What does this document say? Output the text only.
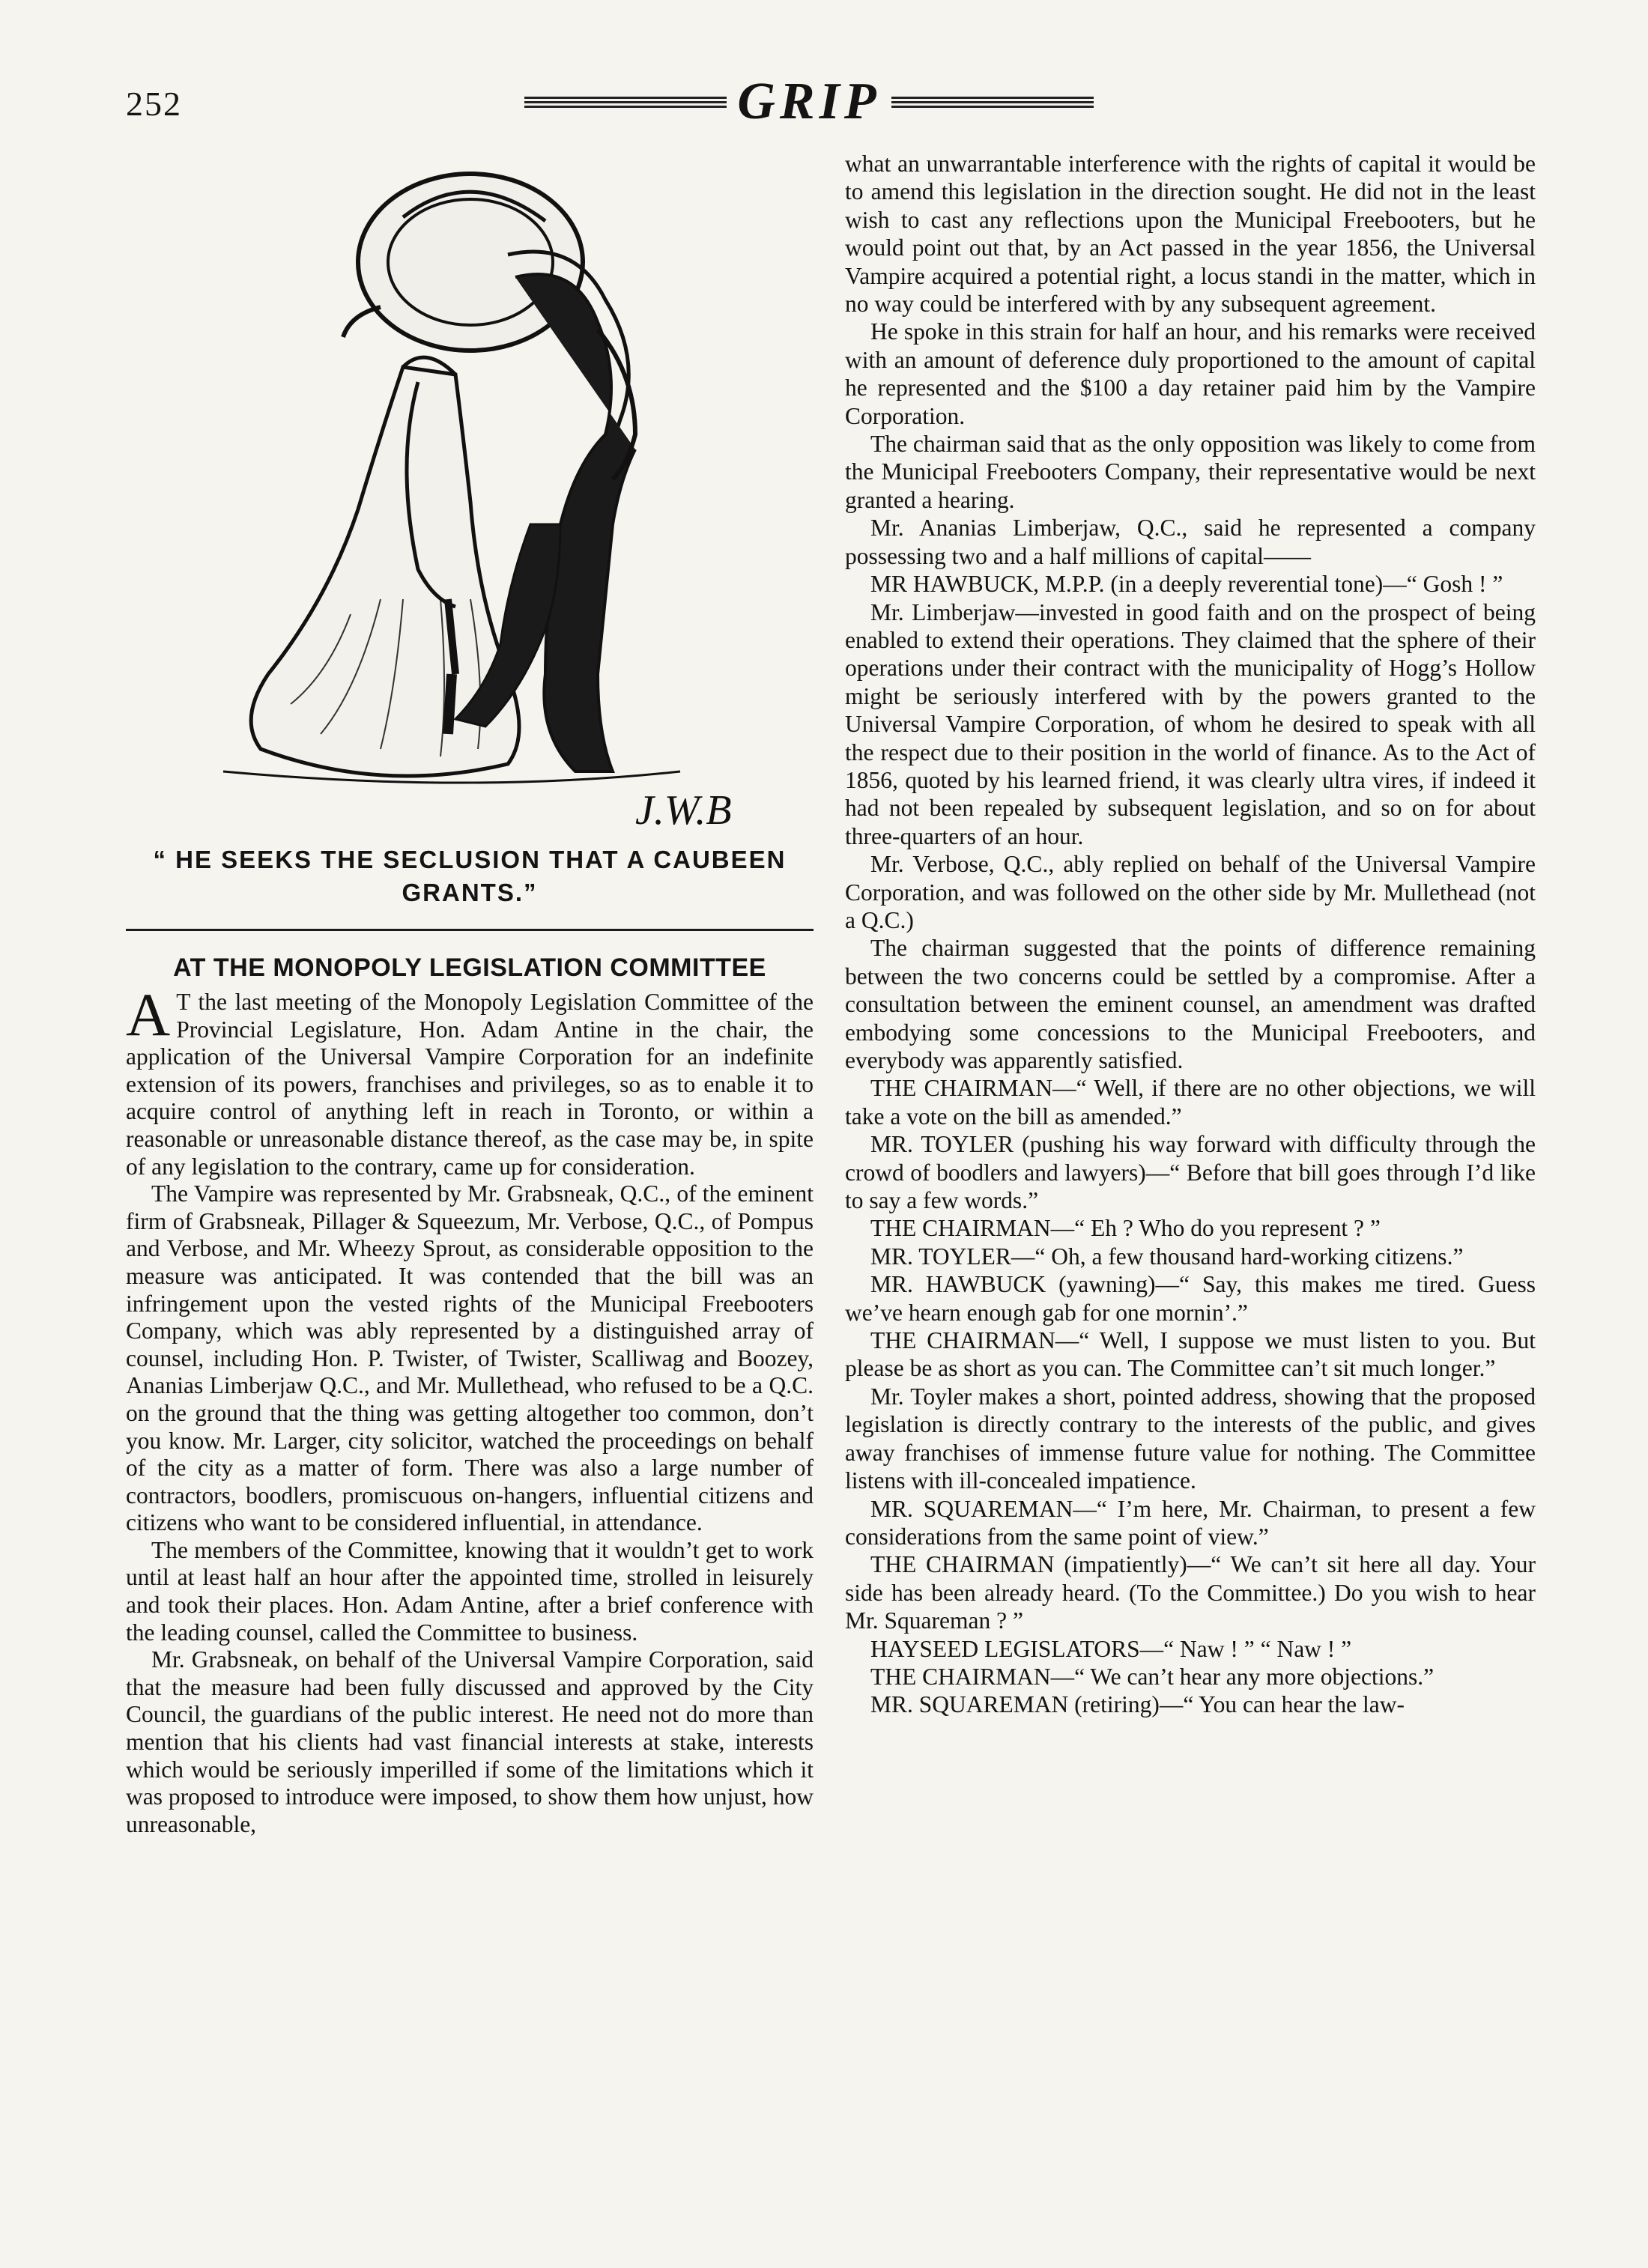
252	GRIP
J.W.B
“ HE SEEKS THE SECLUSION THAT A CAUBEEN GRANTS.”
AT THE MONOPOLY LEGISLATION COMMITTEE

A T the last meeting of the Monopoly Legislation Committee of the Provincial Legislature, Hon. Adam Antine in the chair, the application of the Universal Vampire Corporation for an indefinite extension of its powers, franchises and privileges, so as to enable it to acquire control of anything left in reach in Toronto, or within a reasonable or unreasonable distance thereof, as the case may be, in spite of any legislation to the contrary, came up for consideration.

The Vampire was represented by Mr. Grabsneak, Q.C., of the eminent firm of Grabsneak, Pillager & Squeezum, Mr. Verbose, Q.C., of Pompus and Verbose, and Mr. Wheezy Sprout, as considerable opposition to the measure was anticipated. It was contended that the bill was an infringement upon the vested rights of the Municipal Freebooters Company, which was ably represented by a distinguished array of counsel, including Hon. P. Twister, of Twister, Scalliwag and Boozey, Ananias Limberjaw Q.C., and Mr. Mullethead, who refused to be a Q.C. on the ground that the thing was getting altogether too common, don’t you know. Mr. Larger, city solicitor, watched the proceedings on behalf of the city as a matter of form. There was also a large number of contractors, boodlers, promiscuous on-hangers, influential citizens and citizens who want to be considered influential, in attendance.

The members of the Committee, knowing that it wouldn’t get to work until at least half an hour after the appointed time, strolled in leisurely and took their places. Hon. Adam Antine, after a brief conference with the leading counsel, called the Committee to business.

Mr. Grabsneak, on behalf of the Universal Vampire Corporation, said that the measure had been fully discussed and approved by the City Council, the guardians of the public interest. He need not do more than mention that his clients had vast financial interests at stake, interests which would be seriously imperilled if some of the limitations which it was proposed to introduce were imposed, to show them how unjust, how unreasonable,

what an unwarrantable interference with the rights of capital it would be to amend this legislation in the direction sought. He did not in the least wish to cast any reflections upon the Municipal Freebooters, but he would point out that, by an Act passed in the year 1856, the Universal Vampire acquired a potential right, a locus standi in the matter, which in no way could be interfered with by any subsequent agreement.

He spoke in this strain for half an hour, and his remarks were received with an amount of deference duly proportioned to the amount of capital he represented and the $100 a day retainer paid him by the Vampire Corporation.

The chairman said that as the only opposition was likely to come from the Municipal Freebooters Company, their representative would be next granted a hearing.

Mr. Ananias Limberjaw, Q.C., said he represented a company possessing two and a half millions of capital——

MR HAWBUCK, M.P.P. (in a deeply reverential tone)—“ Gosh ! ”

Mr. Limberjaw—invested in good faith and on the prospect of being enabled to extend their operations. They claimed that the sphere of their operations under their contract with the municipality of Hogg’s Hollow might be seriously interfered with by the powers granted to the Universal Vampire Corporation, of whom he desired to speak with all the respect due to their position in the world of finance. As to the Act of 1856, quoted by his learned friend, it was clearly ultra vires, if indeed it had not been repealed by subsequent legislation, and so on for about three-quarters of an hour.

Mr. Verbose, Q.C., ably replied on behalf of the Universal Vampire Corporation, and was followed on the other side by Mr. Mullethead (not a Q.C.)

The chairman suggested that the points of difference remaining between the two concerns could be settled by a compromise. After a consultation between the eminent counsel, an amendment was drafted embodying some concessions to the Municipal Freebooters, and everybody was apparently satisfied.

THE CHAIRMAN—“ Well, if there are no other objections, we will take a vote on the bill as amended.”

MR. TOYLER (pushing his way forward with difficulty through the crowd of boodlers and lawyers)—“ Before that bill goes through I’d like to say a few words.”

THE CHAIRMAN—“ Eh ? Who do you represent ? ”

MR. TOYLER—“ Oh, a few thousand hard-working citizens.”

MR. HAWBUCK (yawning)—“ Say, this makes me tired. Guess we’ve hearn enough gab for one mornin’.”

THE CHAIRMAN—“ Well, I suppose we must listen to you. But please be as short as you can. The Committee can’t sit much longer.”

Mr. Toyler makes a short, pointed address, showing that the proposed legislation is directly contrary to the interests of the public, and gives away franchises of immense future value for nothing. The Committee listens with ill-concealed impatience.

MR. SQUAREMAN—“ I’m here, Mr. Chairman, to present a few considerations from the same point of view.”

THE CHAIRMAN (impatiently)—“ We can’t sit here all day. Your side has been already heard. (To the Committee.) Do you wish to hear Mr. Squareman ? ”

HAYSEED LEGISLATORS—“ Naw ! ” “ Naw ! ”

THE CHAIRMAN—“ We can’t hear any more objections.”

MR. SQUAREMAN (retiring)—“ You can hear the law-
